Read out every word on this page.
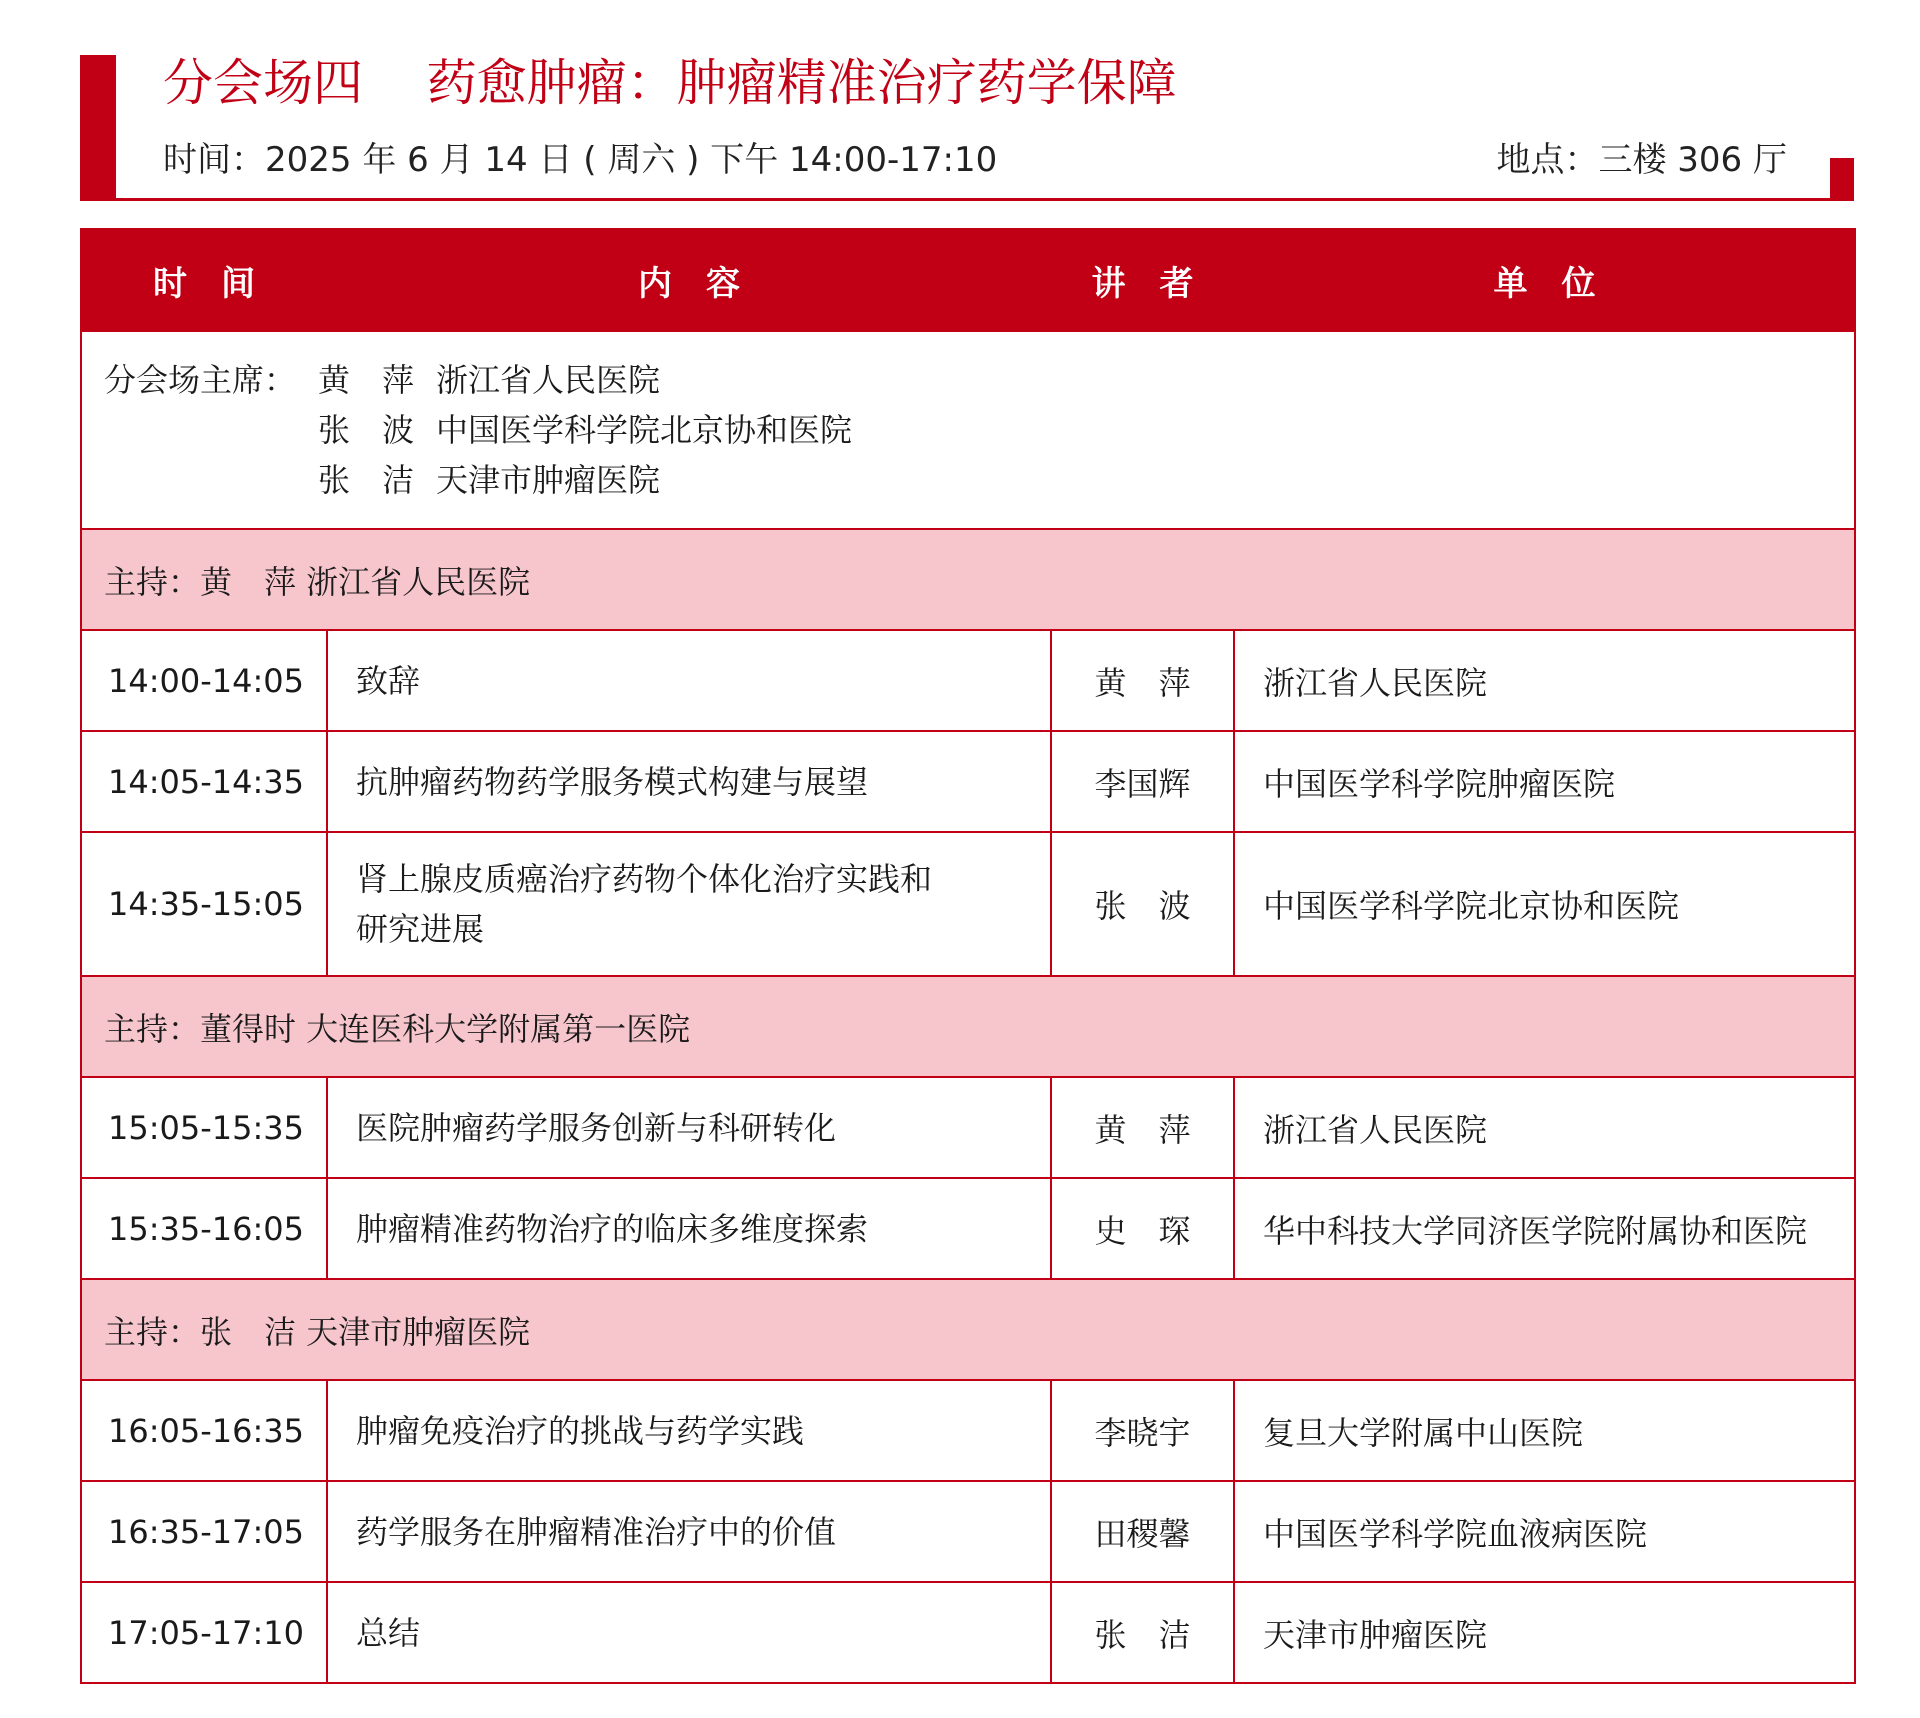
分会场四    药愈肿瘤：肿瘤精准治疗药学保障
时间：2025 年 6 月 14 日 ( 周六 ) 下午 14:00-17:10	地点：三楼 306 厅
时　间	内　容	讲　者	单　位

分会场主席： 黄　萍 浙江省人民医院
张　波 中国医学科学院北京协和医院
张　洁 天津市肿瘤医院			

主持：黄　萍 浙江省人民医院			
14:00-14:05	致辞	黄　萍	浙江省人民医院
14:05-14:35	抗肿瘤药物药学服务模式构建与展望	李国辉	中国医学科学院肿瘤医院
14:35-15:05	肾上腺皮质癌治疗药物个体化治疗实践和
研究进展	张　波	中国医学科学院北京协和医院
主持：董得时 大连医科大学附属第一医院			
15:05-15:35	医院肿瘤药学服务创新与科研转化	黄　萍	浙江省人民医院
15:35-16:05	肿瘤精准药物治疗的临床多维度探索	史　琛	华中科技大学同济医学院附属协和医院
主持：张　洁 天津市肿瘤医院			
16:05-16:35	肿瘤免疫治疗的挑战与药学实践	李晓宇	复旦大学附属中山医院
16:35-17:05	药学服务在肿瘤精准治疗中的价值	田稷馨	中国医学科学院血液病医院
17:05-17:10	总结	张　洁	天津市肿瘤医院
